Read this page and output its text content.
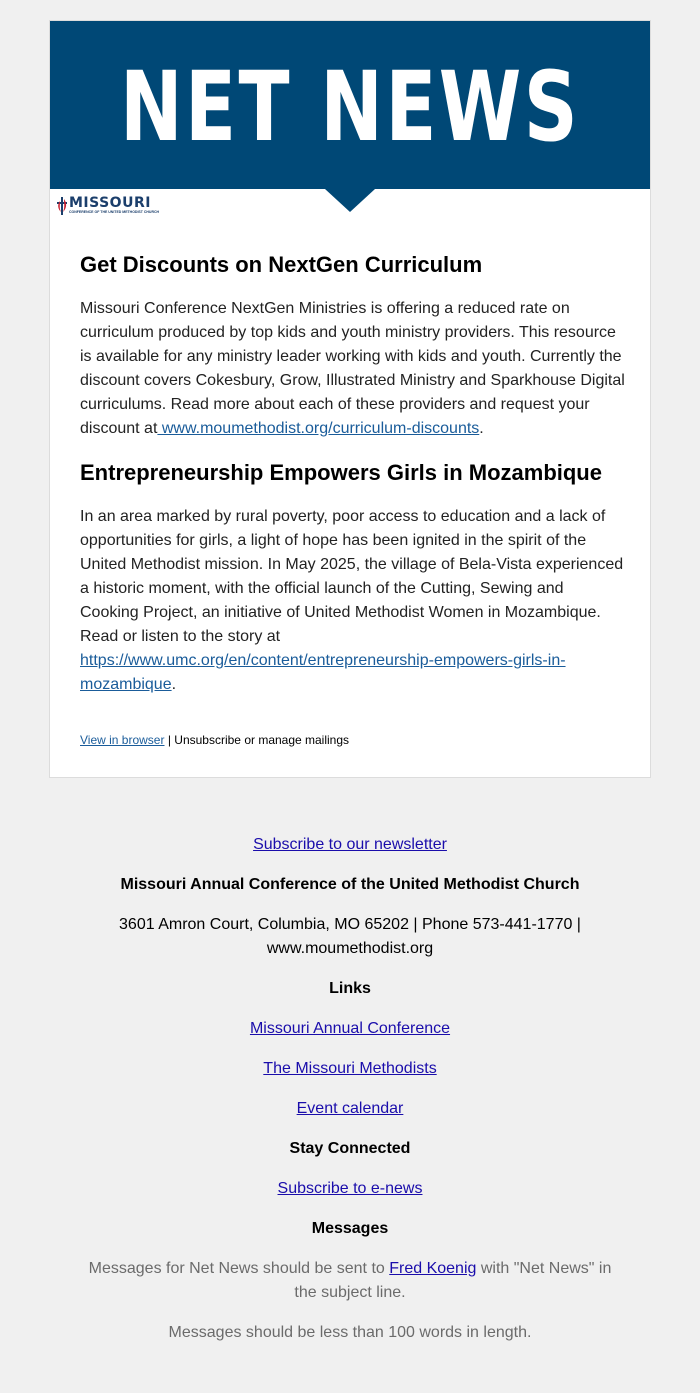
NET NEWS
MISSOURI
CONFERENCE OF THE UNITED METHODIST CHURCH
Get Discounts on NextGen Curriculum

Missouri Conference NextGen Ministries is offering a reduced rate on curriculum produced by top kids and youth ministry providers. This resource is available for any ministry leader working with kids and youth. Currently the discount covers Cokesbury, Grow, Illustrated Ministry and Sparkhouse Digital curriculums. Read more about each of these providers and request your discount at www.moumethodist.org/curriculum-discounts.

Entrepreneurship Empowers Girls in Mozambique

In an area marked by rural poverty, poor access to education and a lack of opportunities for girls, a light of hope has been ignited in the spirit of the United Methodist mission. In May 2025, the village of Bela-Vista experienced a historic moment, with the official launch of the Cutting, Sewing and Cooking Project, an initiative of United Methodist Women in Mozambique. Read or listen to the story at https://www.umc.org/en/content/entrepreneurship-empowers-girls-in-mozambique.

View in browser | Unsubscribe or manage mailings
Subscribe to our newsletter
Missouri Annual Conference of the United Methodist Church
3601 Amron Court, Columbia, MO 65202 | Phone 573-441-1770 |
www.moumethodist.org
Links
Missouri Annual Conference
The Missouri Methodists
Event calendar
Stay Connected
Subscribe to e-news
Messages
Messages for Net News should be sent to Fred Koenig with "Net News" in
the subject line.
Messages should be less than 100 words in length.
